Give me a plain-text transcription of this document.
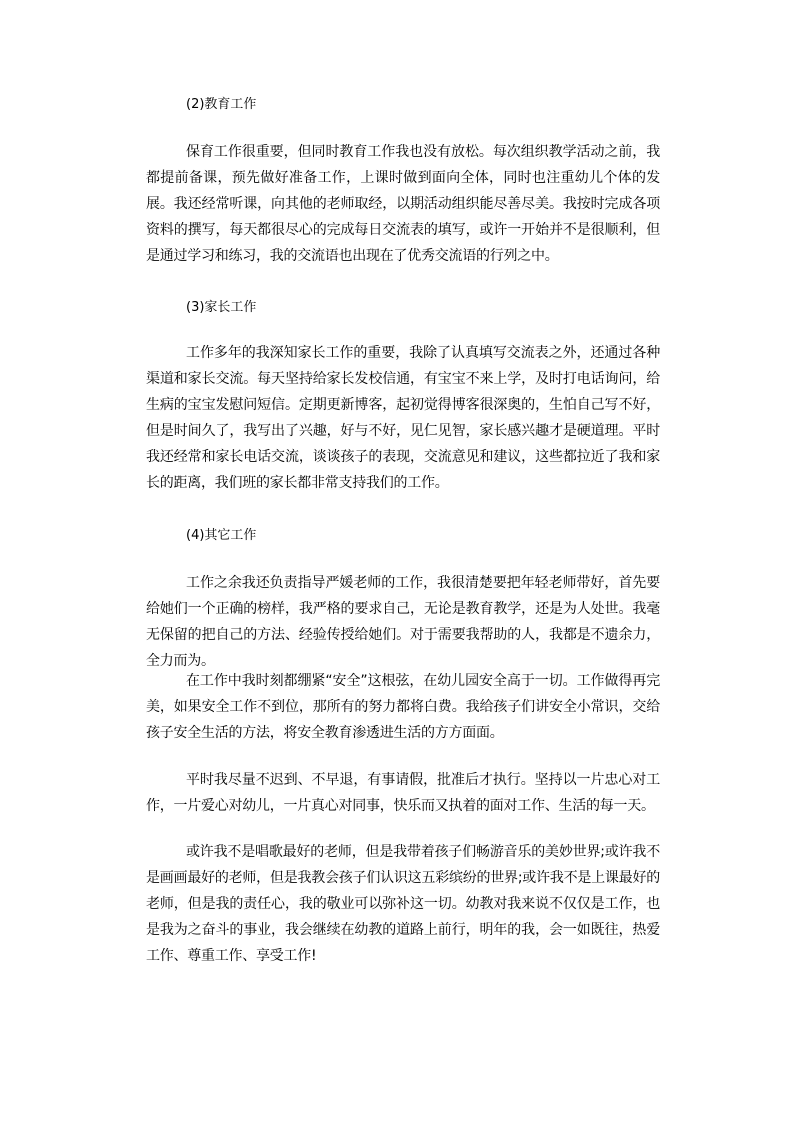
(2)教育工作

保育工作很重要，但同时教育工作我也没有放松。每次组织教学活动之前，我都提前备课，预先做好准备工作，上课时做到面向全体，同时也注重幼儿个体的发展。我还经常听课，向其他的老师取经，以期活动组织能尽善尽美。我按时完成各项资料的撰写，每天都很尽心的完成每日交流表的填写，或许一开始并不是很顺利，但是通过学习和练习，我的交流语也出现在了优秀交流语的行列之中。

(3)家长工作

工作多年的我深知家长工作的重要，我除了认真填写交流表之外，还通过各种渠道和家长交流。每天坚持给家长发校信通，有宝宝不来上学，及时打电话询问，给生病的宝宝发慰问短信。定期更新博客，起初觉得博客很深奥的，生怕自己写不好，但是时间久了，我写出了兴趣，好与不好，见仁见智，家长感兴趣才是硬道理。平时我还经常和家长电话交流，谈谈孩子的表现，交流意见和建议，这些都拉近了我和家长的距离，我们班的家长都非常支持我们的工作。

(4)其它工作

工作之余我还负责指导严媛老师的工作，我很清楚要把年轻老师带好，首先要给她们一个正确的榜样，我严格的要求自己，无论是教育教学，还是为人处世。我毫无保留的把自己的方法、经验传授给她们。对于需要我帮助的人，我都是不遗余力，全力而为。

在工作中我时刻都绷紧“安全”这根弦，在幼儿园安全高于一切。工作做得再完美，如果安全工作不到位，那所有的努力都将白费。我给孩子们讲安全小常识，交给孩子安全生活的方法，将安全教育渗透进生活的方方面面。

平时我尽量不迟到、不早退，有事请假，批准后才执行。坚持以一片忠心对工作，一片爱心对幼儿，一片真心对同事，快乐而又执着的面对工作、生活的每一天。

或许我不是唱歌最好的老师，但是我带着孩子们畅游音乐的美妙世界;或许我不是画画最好的老师，但是我教会孩子们认识这五彩缤纷的世界;或许我不是上课最好的老师，但是我的责任心，我的敬业可以弥补这一切。幼教对我来说不仅仅是工作，也是我为之奋斗的事业，我会继续在幼教的道路上前行，明年的我，会一如既往，热爱工作、尊重工作、享受工作!
